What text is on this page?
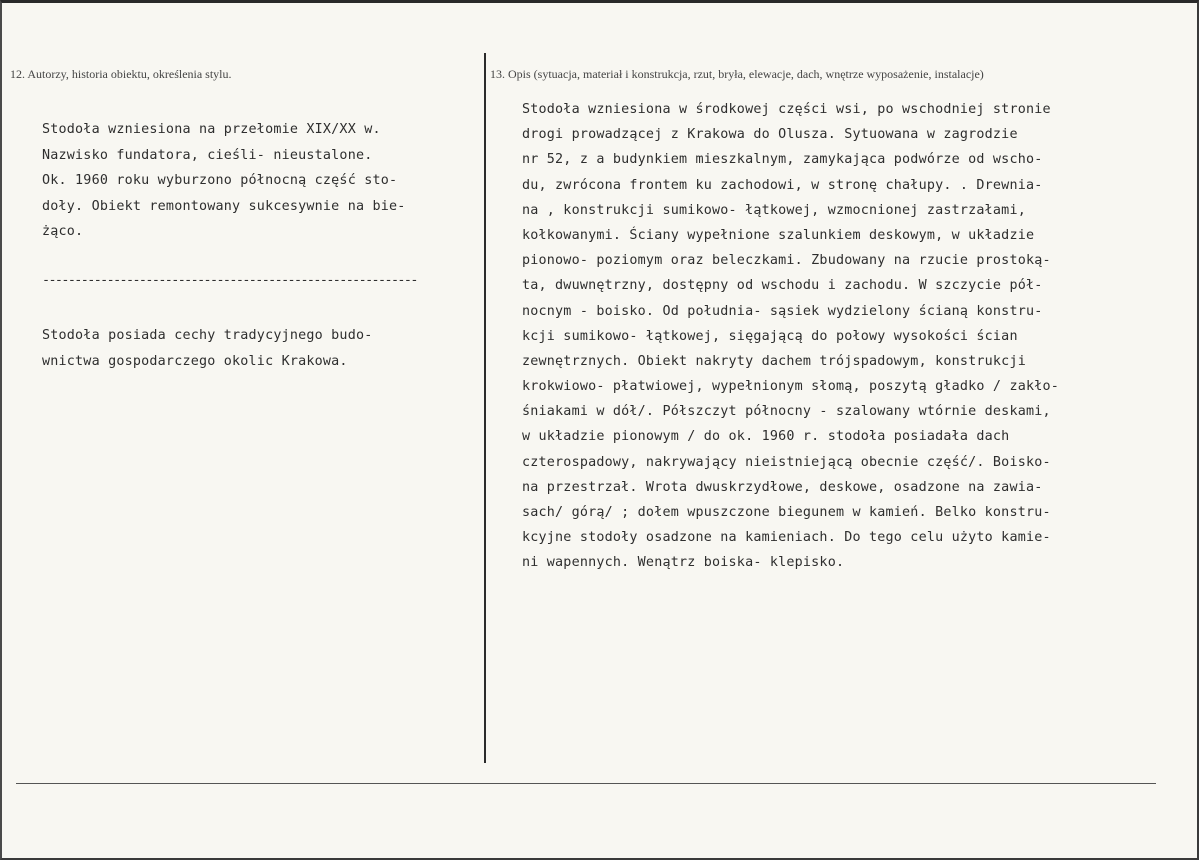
12. Autorzy, historia obiektu, określenia stylu.	13. Opis (sytuacja, materiał i konstrukcja, rzut, bryła, elewacje, dach, wnętrze wyposażenie, instalacje)
Stodoła wzniesiona na przełomie XIX/XX w.
Nazwisko fundatora, cieśli- nieustalone.
Ok. 1960 roku wyburzono północną część sto-
doły. Obiekt remontowany sukcesywnie na bie-
żąco.
----------------------------------------------------------
Stodoła posiada cechy tradycyjnego budo-
wnictwa gospodarczego okolic Krakowa.
Stodoła wzniesiona w środkowej części wsi, po wschodniej stronie
drogi prowadzącej z Krakowa do Olusza. Sytuowana w zagrodzie
nr 52, z a budynkiem mieszkalnym, zamykająca podwórze od wscho-
du, zwrócona frontem ku zachodowi, w stronę chałupy. . Drewnia-
na , konstrukcji sumikowo- łątkowej, wzmocnionej zastrzałami,
kołkowanymi. Ściany wypełnione szalunkiem deskowym, w układzie
pionowo- poziomym oraz beleczkami. Zbudowany na rzucie prostoką-
ta, dwuwnętrzny, dostępny od wschodu i zachodu. W szczycie pół-
nocnym - boisko. Od południa- sąsiek wydzielony ścianą konstru-
kcji sumikowo- łątkowej, sięgającą do połowy wysokości ścian
zewnętrznych. Obiekt nakryty dachem trójspadowym, konstrukcji
krokwiowo- płatwiowej, wypełnionym słomą, poszytą gładko / zakło-
śniakami w dół/. Półszczyt północny - szalowany wtórnie deskami,
w układzie pionowym / do ok. 1960 r. stodoła posiadała dach
czterospadowy, nakrywający nieistniejącą obecnie część/. Boisko-
na przestrzał. Wrota dwuskrzydłowe, deskowe, osadzone na zawia-
sach/ górą/ ; dołem wpuszczone biegunem w kamień. Belko konstru-
kcyjne stodoły osadzone na kamieniach. Do tego celu użyto kamie-
ni wapennych. Wenątrz boiska- klepisko.
